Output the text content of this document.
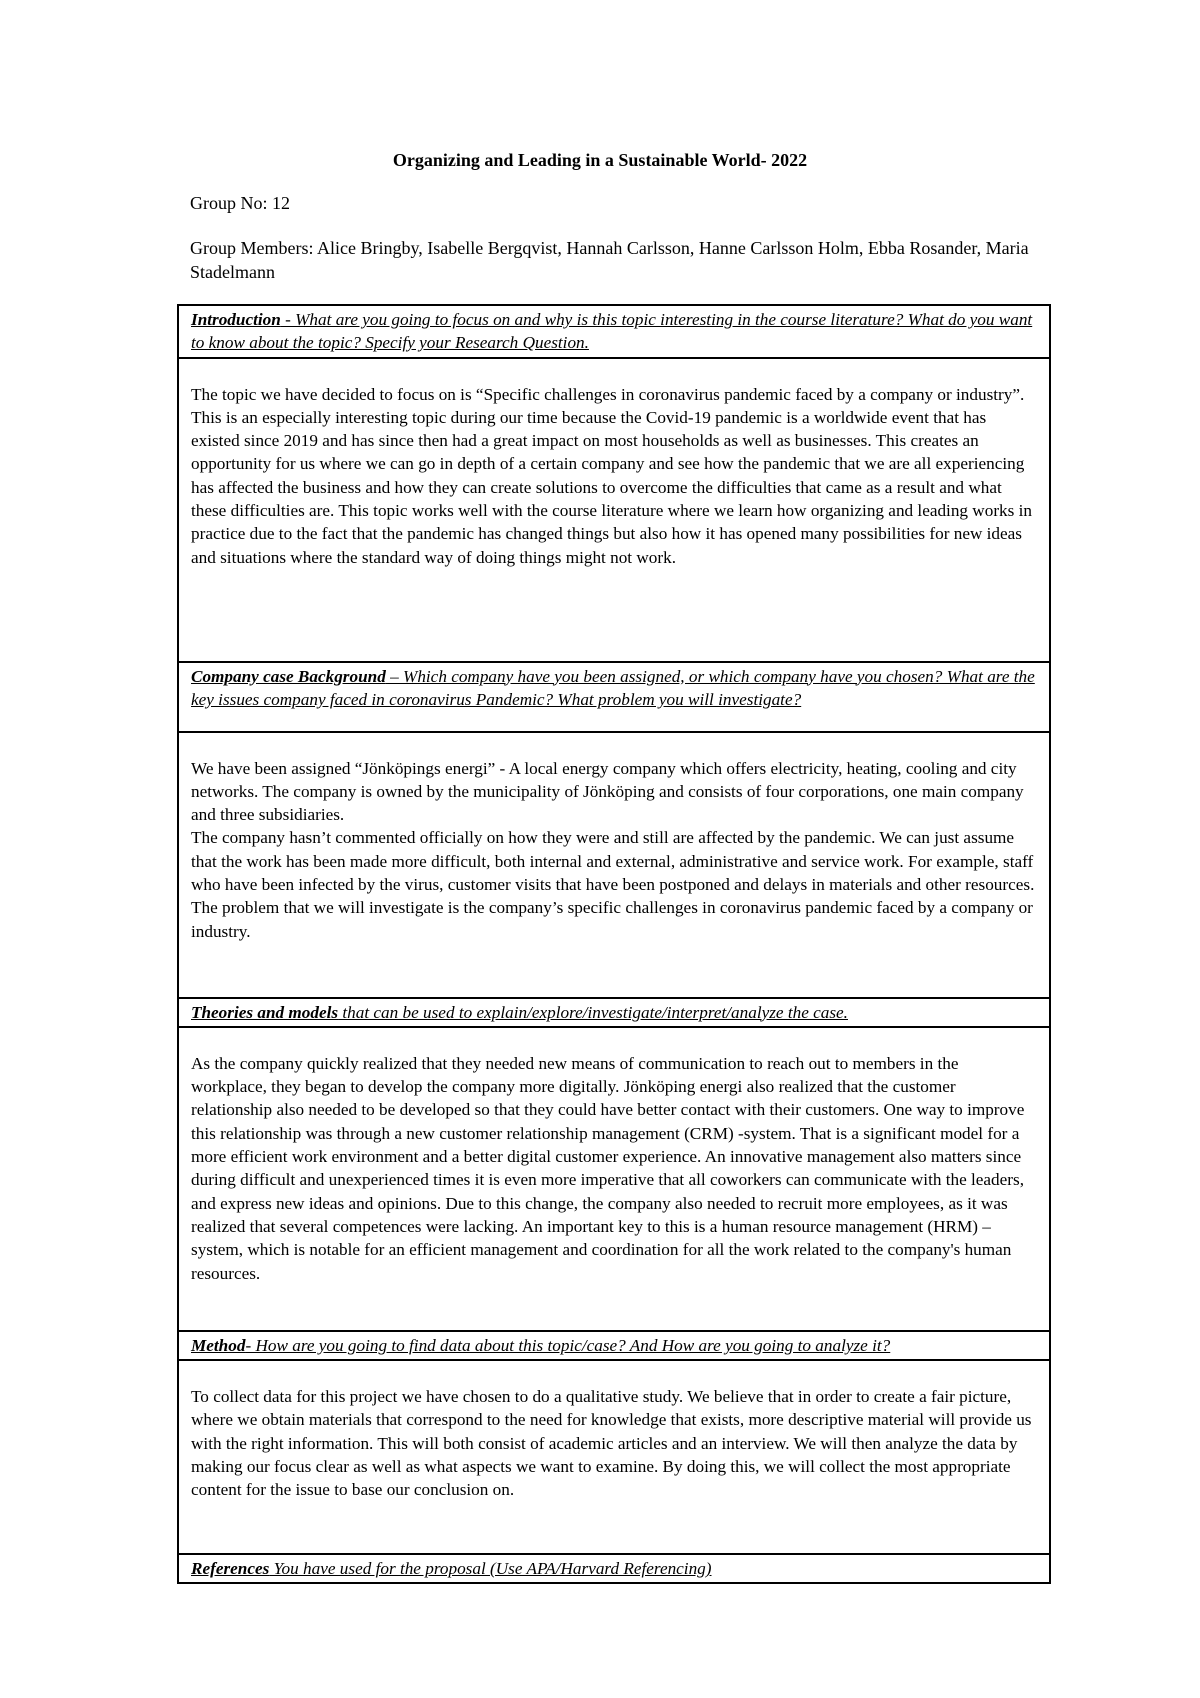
Organizing and Leading in a Sustainable World- 2022
Group No: 12
Group Members: Alice Bringby, Isabelle Bergqvist, Hannah Carlsson, Hanne Carlsson Holm, Ebba Rosander, Maria Stadelmann
Introduction - What are you going to focus on and why is this topic interesting in the course literature? What do you want to know about the topic? Specify your Research Question.

The topic we have decided to focus on is “Specific challenges in coronavirus pandemic faced by a company or industry”. This is an especially interesting topic during our time because the Covid-19 pandemic is a worldwide event that has existed since 2019 and has since then had a great impact on most households as well as businesses. This creates an opportunity for us where we can go in depth of a certain company and see how the pandemic that we are all experiencing has affected the business and how they can create solutions to overcome the difficulties that came as a result and what these difficulties are. This topic works well with the course literature where we learn how organizing and leading works in practice due to the fact that the pandemic has changed things but also how it has opened many possibilities for new ideas and situations where the standard way of doing things might not work.

Company case Background – Which company have you been assigned, or which company have you chosen? What are the key issues company faced in coronavirus Pandemic? What problem you will investigate?

We have been assigned “Jönköpings energi” - A local energy company which offers electricity, heating, cooling and city networks. The company is owned by the municipality of Jönköping and consists of four corporations, one main company and three subsidiaries.

The company hasn’t commented officially on how they were and still are affected by the pandemic. We can just assume that the work has been made more difficult, both internal and external, administrative and service work. For example, staff who have been infected by the virus, customer visits that have been postponed and delays in materials and other resources.

The problem that we will investigate is the company’s specific challenges in coronavirus pandemic faced by a company or industry.

Theories and models that can be used to explain/explore/investigate/interpret/analyze the case.

As the company quickly realized that they needed new means of communication to reach out to members in the workplace, they began to develop the company more digitally. Jönköping energi also realized that the customer relationship also needed to be developed so that they could have better contact with their customers. One way to improve this relationship was through a new customer relationship management (CRM) -system. That is a significant model for a more efficient work environment and a better digital customer experience. An innovative management also matters since during difficult and unexperienced times it is even more imperative that all coworkers can communicate with the leaders, and express new ideas and opinions. Due to this change, the company also needed to recruit more employees, as it was realized that several competences were lacking. An important key to this is a human resource management (HRM) – system, which is notable for an efficient management and coordination for all the work related to the company's human resources.

Method- How are you going to find data about this topic/case? And How are you going to analyze it?

To collect data for this project we have chosen to do a qualitative study. We believe that in order to create a fair picture, where we obtain materials that correspond to the need for knowledge that exists, more descriptive material will provide us with the right information. This will both consist of academic articles and an interview. We will then analyze the data by making our focus clear as well as what aspects we want to examine. By doing this, we will collect the most appropriate content for the issue to base our conclusion on.

References You have used for the proposal (Use APA/Harvard Referencing)
